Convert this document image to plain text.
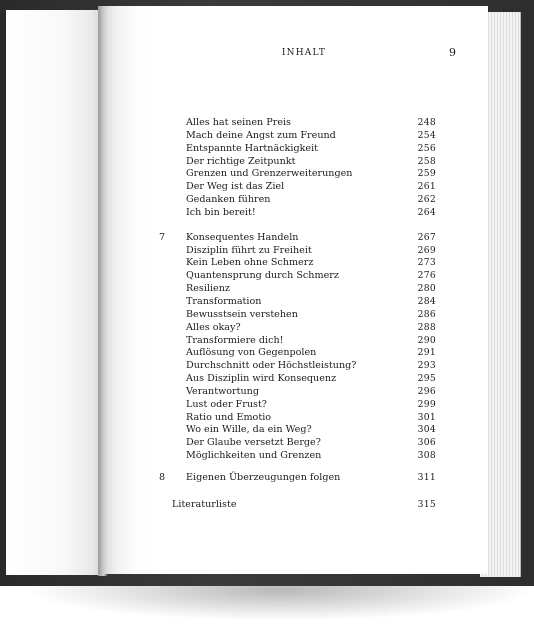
INHALT	9
Alles hat seinen Preis	248
Mach deine Angst zum Freund	254
Entspannte Hartnäckigkeit	256
Der richtige Zeitpunkt	258
Grenzen und Grenzerweiterungen	259
Der Weg ist das Ziel	261
Gedanken führen	262
Ich bin bereit!	264
7 Konsequentes Handeln	267
Disziplin führt zu Freiheit	269
Kein Leben ohne Schmerz	273
Quantensprung durch Schmerz	276
Resilienz	280
Transformation	284
Bewusstsein verstehen	286
Alles okay?	288
Transformiere dich!	290
Auflösung von Gegenpolen	291
Durchschnitt oder Höchstleistung?	293
Aus Disziplin wird Konsequenz	295
Verantwortung	296
Lust oder Frust?	299
Ratio und Emotio	301
Wo ein Wille, da ein Weg?	304
Der Glaube versetzt Berge?	306
Möglichkeiten und Grenzen	308
8 Eigenen Überzeugungen folgen	311
Literaturliste	315
